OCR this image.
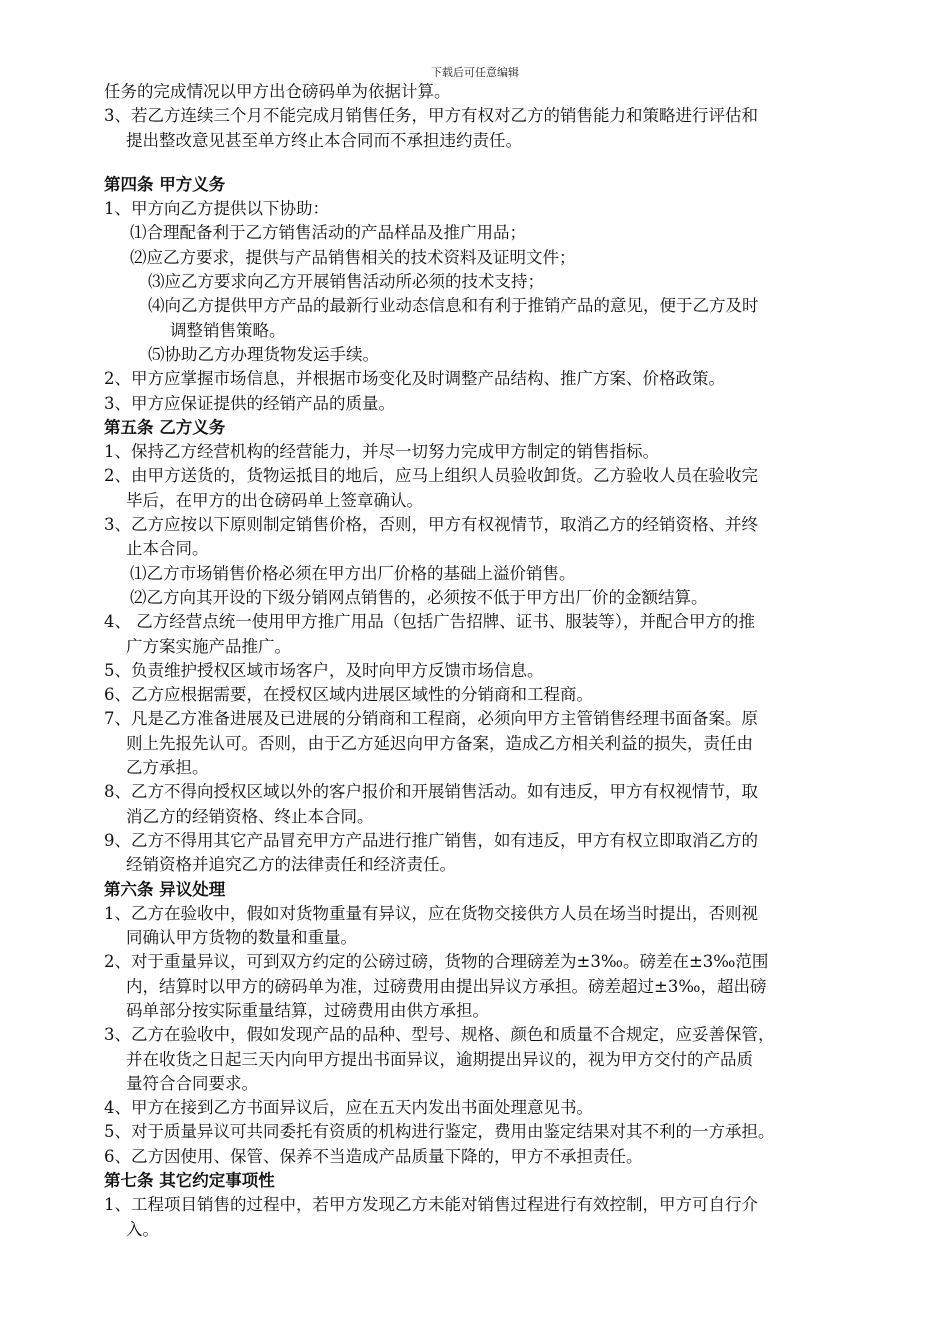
下载后可任意编辑
任务的完成情况以甲方出仓磅码单为依据计算。
3、若乙方连续三个月不能完成月销售任务，甲方有权对乙方的销售能力和策略进行评估和
提出整改意见甚至单方终止本合同而不承担违约责任。
第四条 甲方义务
1、甲方向乙方提供以下协助：
⑴合理配备利于乙方销售活动的产品样品及推广用品；
⑵应乙方要求，提供与产品销售相关的技术资料及证明文件；
⑶应乙方要求向乙方开展销售活动所必须的技术支持；
⑷向乙方提供甲方产品的最新行业动态信息和有利于推销产品的意见，便于乙方及时
调整销售策略。
⑸协助乙方办理货物发运手续。
2、甲方应掌握市场信息，并根据市场变化及时调整产品结构、推广方案、价格政策。
3、甲方应保证提供的经销产品的质量。
第五条 乙方义务
1、保持乙方经营机构的经营能力，并尽一切努力完成甲方制定的销售指标。
2、由甲方送货的，货物运抵目的地后，应马上组织人员验收卸货。乙方验收人员在验收完
毕后，在甲方的出仓磅码单上签章确认。
3、乙方应按以下原则制定销售价格，否则，甲方有权视情节，取消乙方的经销资格、并终
止本合同。
⑴乙方市场销售价格必须在甲方出厂价格的基础上溢价销售。
⑵乙方向其开设的下级分销网点销售的，必须按不低于甲方出厂价的金额结算。
4、 乙方经营点统一使用甲方推广用品（包括广告招牌、证书、服装等），并配合甲方的推
广方案实施产品推广。
5、负责维护授权区域市场客户，及时向甲方反馈市场信息。
6、乙方应根据需要，在授权区域内进展区域性的分销商和工程商。
7、凡是乙方准备进展及已进展的分销商和工程商，必须向甲方主管销售经理书面备案。原
则上先报先认可。否则，由于乙方延迟向甲方备案，造成乙方相关利益的损失，责任由
乙方承担。
8、乙方不得向授权区域以外的客户报价和开展销售活动。如有违反，甲方有权视情节，取
消乙方的经销资格、终止本合同。
9、乙方不得用其它产品冒充甲方产品进行推广销售，如有违反，甲方有权立即取消乙方的
经销资格并追究乙方的法律责任和经济责任。
第六条 异议处理
1、乙方在验收中，假如对货物重量有异议，应在货物交接供方人员在场当时提出，否则视
同确认甲方货物的数量和重量。
2、对于重量异议，可到双方约定的公磅过磅，货物的合理磅差为±3‰。磅差在±3‰范围
内，结算时以甲方的磅码单为准，过磅费用由提出异议方承担。磅差超过±3‰，超出磅
码单部分按实际重量结算，过磅费用由供方承担。
3、乙方在验收中，假如发现产品的品种、型号、规格、颜色和质量不合规定，应妥善保管，
并在收货之日起三天内向甲方提出书面异议，逾期提出异议的，视为甲方交付的产品质
量符合合同要求。
4、甲方在接到乙方书面异议后，应在五天内发出书面处理意见书。
5、对于质量异议可共同委托有资质的机构进行鉴定，费用由鉴定结果对其不利的一方承担。
6、乙方因使用、保管、保养不当造成产品质量下降的，甲方不承担责任。
第七条 其它约定事项性
1、工程项目销售的过程中，若甲方发现乙方未能对销售过程进行有效控制，甲方可自行介
入。
